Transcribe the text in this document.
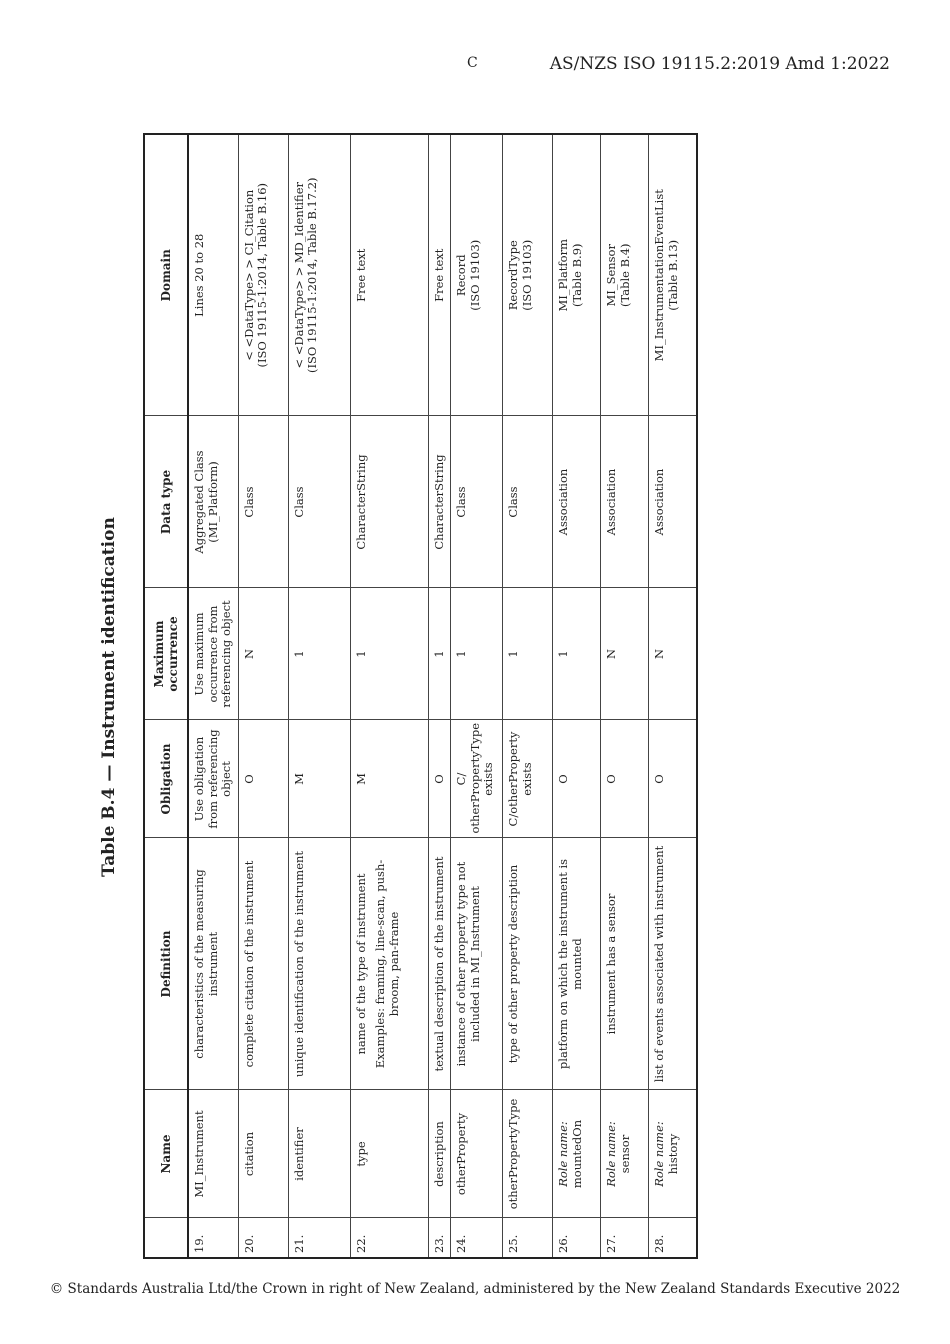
C	AS/NZS ISO 19115.2:2019 Amd 1:2022
Table B.4 — Instrument identification
	Name	Definition	Obligation	Maximum occurrence	Data type	Domain
19.	MI_Instrument	characteristics of the measuring instrument	Use obligation from referencing object	Use maximum occurrence from referencing object	Aggregated Class (MI_Platform)	Lines 20 to 28
20.	citation	complete citation of the instrument	O	N	Class	< <DataType> > CI_Citation
(ISO 19115-1:2014, Table B.16)
21.	identifier	unique identification of the instrument	M	1	Class	< <DataType> > MD_Identifier
(ISO 19115-1:2014, Table B.17.2)
22.	type	name of the type of instrument Examples: framing, line-scan, push-broom, pan-frame	M	1	CharacterString	Free text
23.	description	textual description of the instrument	O	1	CharacterString	Free text
24.	otherProperty	instance of other property type not included in MI_Instrument	C/ otherPropertyType exists	1	Class	Record
(ISO 19103)
25.	otherPropertyType	type of other property description	C/otherProperty exists	1	Class	RecordType
(ISO 19103)
26.	Role name:
mountedOn	platform on which the instrument is mounted	O	1	Association	MI_Platform
(Table B.9)
27.	Role name:
sensor	instrument has a sensor	O	N	Association	MI_Sensor
(Table B.4)
28.	Role name:
history	list of events associated with instrument	O	N	Association	MI_InstrumentationEventList
(Table B.13)
© Standards Australia Ltd/the Crown in right of New Zealand, administered by the New Zealand Standards Executive 2022
